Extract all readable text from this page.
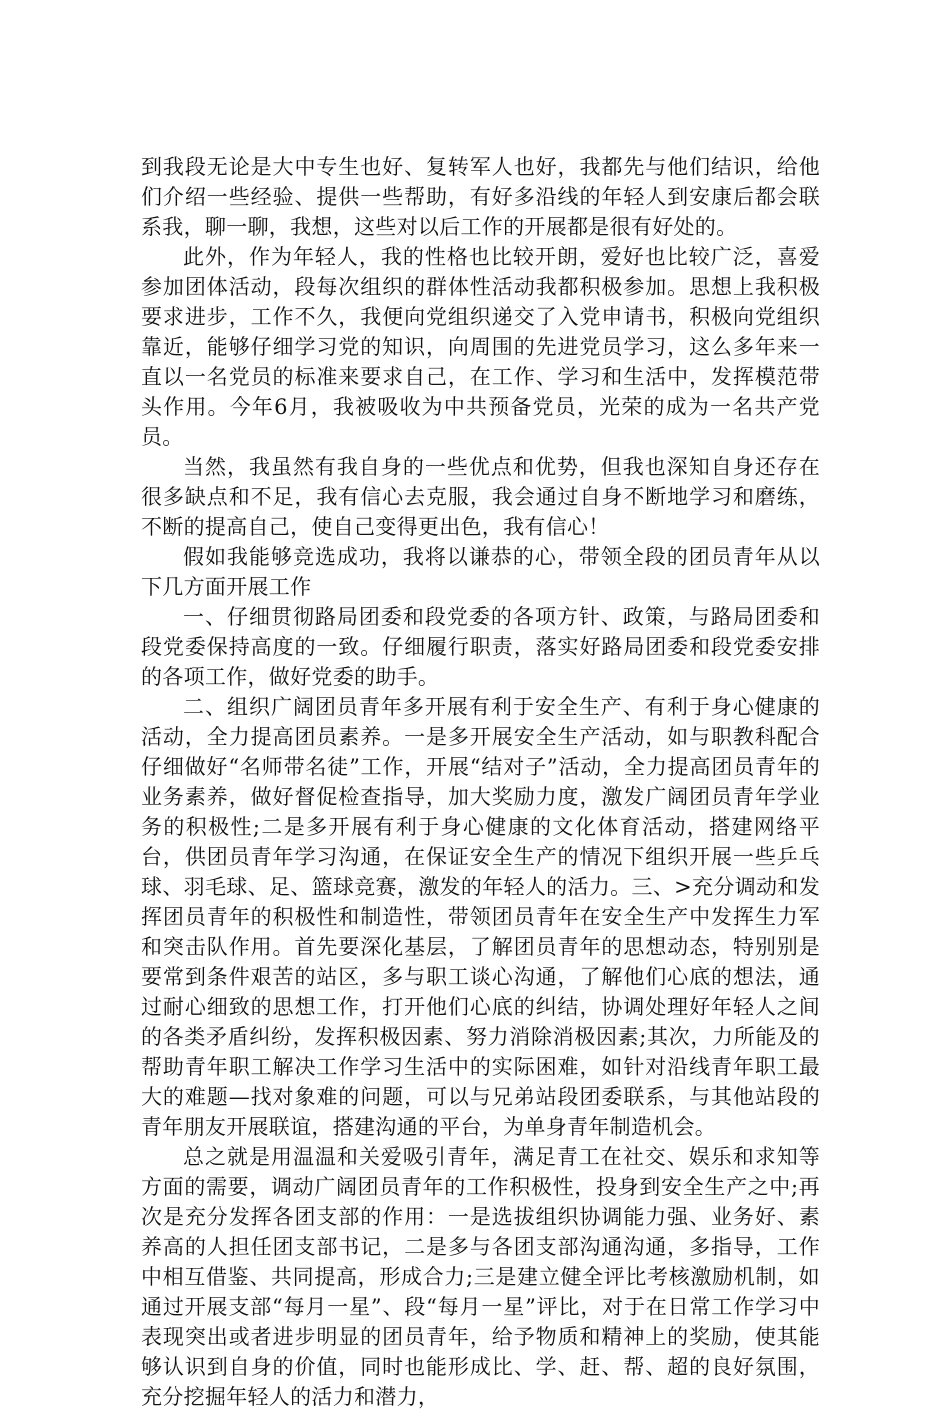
到我段无论是大中专生也好、复转军人也好，我都先与他们结识，给他们介绍一些经验、提供一些帮助，有好多沿线的年轻人到安康后都会联系我，聊一聊，我想，这些对以后工作的开展都是很有好处的。

此外，作为年轻人，我的性格也比较开朗，爱好也比较广泛，喜爱参加团体活动，段每次组织的群体性活动我都积极参加。思想上我积极要求进步，工作不久，我便向党组织递交了入党申请书，积极向党组织靠近，能够仔细学习党的知识，向周围的先进党员学习，这么多年来一直以一名党员的标准来要求自己，在工作、学习和生活中，发挥模范带头作用。今年6月，我被吸收为中共预备党员，光荣的成为一名共产党员。

当然，我虽然有我自身的一些优点和优势，但我也深知自身还存在很多缺点和不足，我有信心去克服，我会通过自身不断地学习和磨练，不断的提高自己，使自己变得更出色，我有信心！

假如我能够竞选成功，我将以谦恭的心，带领全段的团员青年从以下几方面开展工作

一、仔细贯彻路局团委和段党委的各项方针、政策，与路局团委和段党委保持高度的一致。仔细履行职责，落实好路局团委和段党委安排的各项工作，做好党委的助手。

二、组织广阔团员青年多开展有利于安全生产、有利于身心健康的活动，全力提高团员素养。一是多开展安全生产活动，如与职教科配合仔细做好“名师带名徒”工作，开展“结对子”活动，全力提高团员青年的业务素养，做好督促检查指导，加大奖励力度，激发广阔团员青年学业务的积极性;二是多开展有利于身心健康的文化体育活动，搭建网络平台，供团员青年学习沟通，在保证安全生产的情况下组织开展一些乒乓球、羽毛球、足、篮球竞赛，激发的年轻人的活力。三、>充分调动和发挥团员青年的积极性和制造性，带领团员青年在安全生产中发挥生力军和突击队作用。首先要深化基层，了解团员青年的思想动态，特别别是要常到条件艰苦的站区，多与职工谈心沟通，了解他们心底的想法，通过耐心细致的思想工作，打开他们心底的纠结，协调处理好年轻人之间的各类矛盾纠纷，发挥积极因素、努力消除消极因素;其次，力所能及的帮助青年职工解决工作学习生活中的实际困难，如针对沿线青年职工最大的难题—找对象难的问题，可以与兄弟站段团委联系，与其他站段的青年朋友开展联谊，搭建沟通的平台，为单身青年制造机会。

总之就是用温温和关爱吸引青年，满足青工在社交、娱乐和求知等方面的需要，调动广阔团员青年的工作积极性，投身到安全生产之中;再次是充分发挥各团支部的作用：一是选拔组织协调能力强、业务好、素养高的人担任团支部书记，二是多与各团支部沟通沟通，多指导，工作中相互借鉴、共同提高，形成合力;三是建立健全评比考核激励机制，如通过开展支部“每月一星”、段“每月一星”评比，对于在日常工作学习中表现突出或者进步明显的团员青年，给予物质和精神上的奖励，使其能够认识到自身的价值，同时也能形成比、学、赶、帮、超的良好氛围，充分挖掘年轻人的活力和潜力，
